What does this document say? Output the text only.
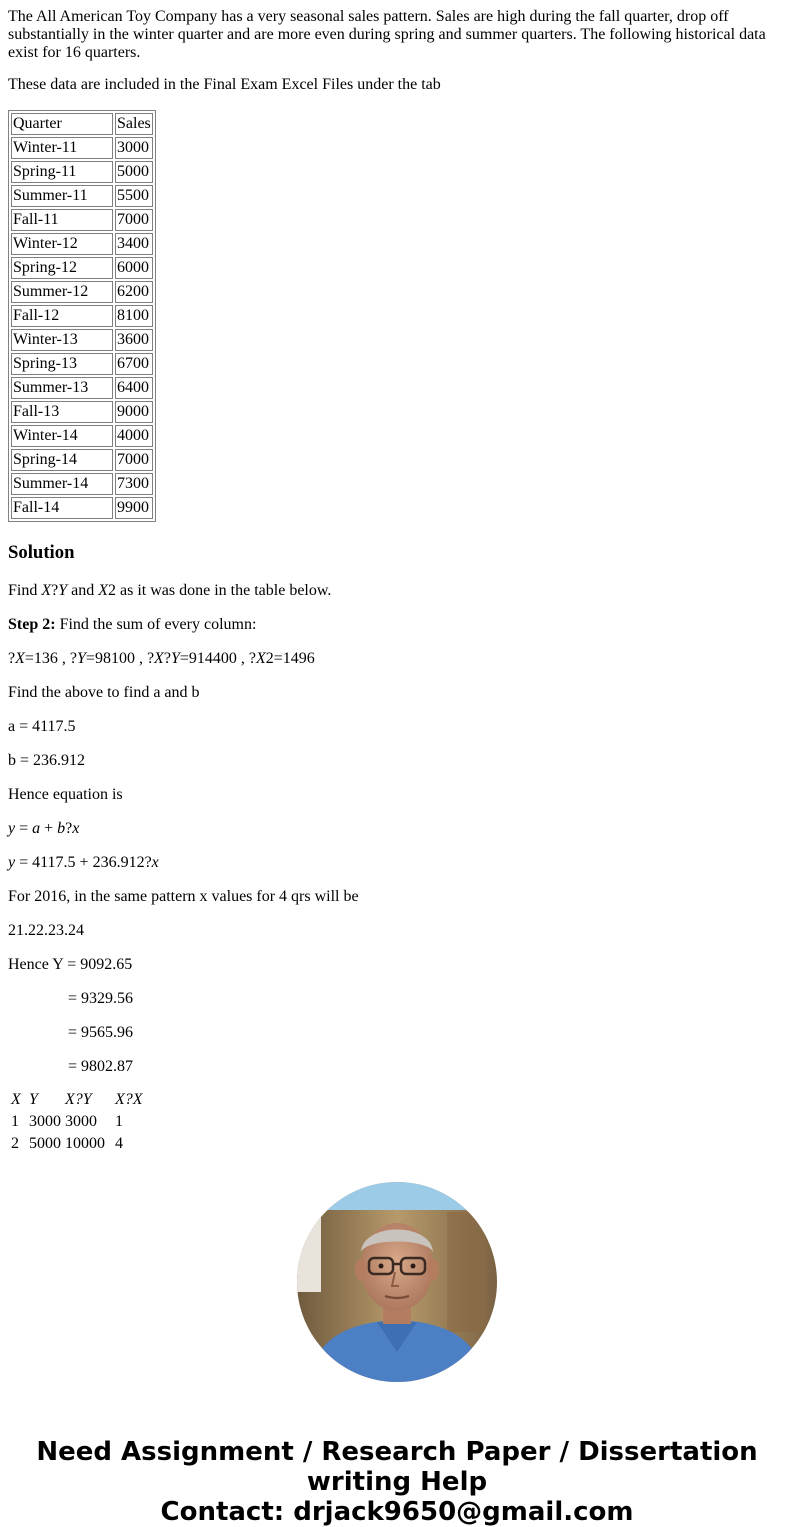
The All American Toy Company has a very seasonal sales pattern. Sales are high during the fall quarter, drop off substantially in the winter quarter and are more even during spring and summer quarters. The following historical data exist for 16 quarters.

These data are included in the Final Exam Excel Files under the tab

Quarter	Sales
Winter-11	3000
Spring-11	5000
Summer-11	5500
Fall-11	7000
Winter-12	3400
Spring-12	6000
Summer-12	6200
Fall-12	8100
Winter-13	3600
Spring-13	6700
Summer-13	6400
Fall-13	9000
Winter-14	4000
Spring-14	7000
Summer-14	7300
Fall-14	9900
Solution

Find X?Y and X2 as it was done in the table below.

Step 2: Find the sum of every column:

?X=136 , ?Y=98100 , ?X?Y=914400 , ?X2=1496

Find the above to find a and b

a = 4117.5

b = 236.912

Hence equation is

y = a + b?x

y = 4117.5 + 236.912?x

For 2016, in the same pattern x values for 4 qrs will be

21.22.23.24

Hence Y = 9092.65

= 9329.56

= 9565.96

= 9802.87

X	Y	X?Y	X?X
1	3000	3000	1
2	5000	10000	4
Need Assignment / Research Paper / Dissertation
writing Help
Contact: drjack9650@gmail.com
